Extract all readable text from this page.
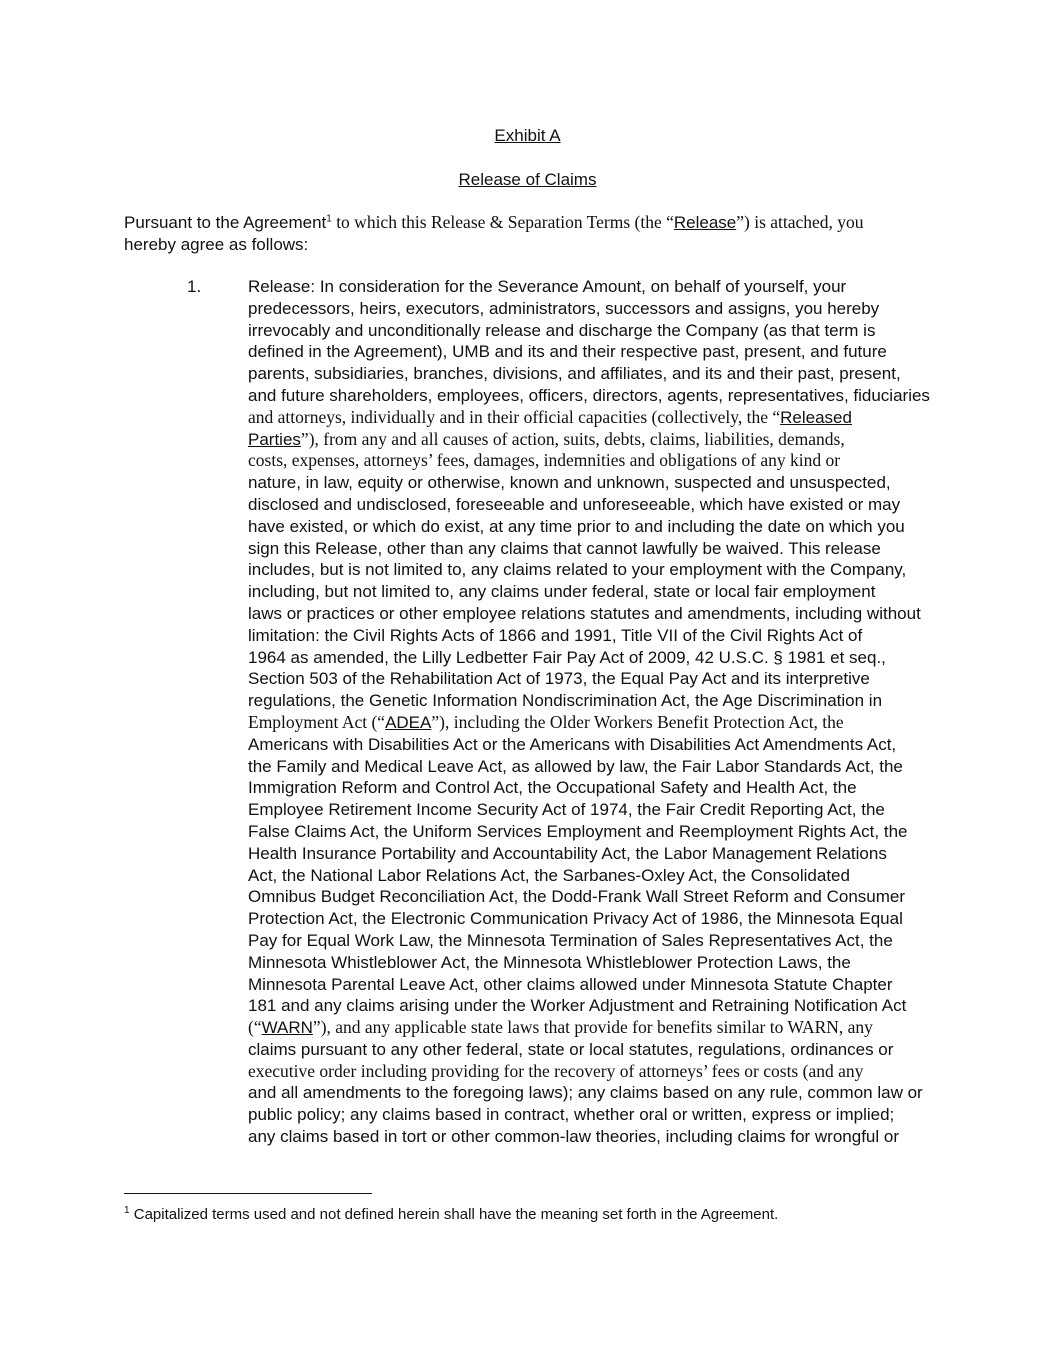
Exhibit A
Release of Claims
Pursuant to the Agreement$^1$ to which this Release & Separation Terms (the “Release”) is attached, you
hereby agree as follows:
1.	Release: In consideration for the Severance Amount, on behalf of yourself, your
predecessors, heirs, executors, administrators, successors and assigns, you hereby
irrevocably and unconditionally release and discharge the Company (as that term is
defined in the Agreement), UMB and its and their respective past, present, and future
parents, subsidiaries, branches, divisions, and affiliates, and its and their past, present,
and future shareholders, employees, officers, directors, agents, representatives, fiduciaries
and attorneys, individually and in their official capacities (collectively, the “Released
Parties”), from any and all causes of action, suits, debts, claims, liabilities, demands,
costs, expenses, attorneys’ fees, damages, indemnities and obligations of any kind or
nature, in law, equity or otherwise, known and unknown, suspected and unsuspected,
disclosed and undisclosed, foreseeable and unforeseeable, which have existed or may
have existed, or which do exist, at any time prior to and including the date on which you
sign this Release, other than any claims that cannot lawfully be waived. This release
includes, but is not limited to, any claims related to your employment with the Company,
including, but not limited to, any claims under federal, state or local fair employment
laws or practices or other employee relations statutes and amendments, including without
limitation: the Civil Rights Acts of 1866 and 1991, Title VII of the Civil Rights Act of
1964 as amended, the Lilly Ledbetter Fair Pay Act of 2009, 42 U.S.C. § 1981 et seq.,
Section 503 of the Rehabilitation Act of 1973, the Equal Pay Act and its interpretive
regulations, the Genetic Information Nondiscrimination Act, the Age Discrimination in
Employment Act (“ADEA”), including the Older Workers Benefit Protection Act, the
Americans with Disabilities Act or the Americans with Disabilities Act Amendments Act,
the Family and Medical Leave Act, as allowed by law, the Fair Labor Standards Act, the
Immigration Reform and Control Act, the Occupational Safety and Health Act, the
Employee Retirement Income Security Act of 1974, the Fair Credit Reporting Act, the
False Claims Act, the Uniform Services Employment and Reemployment Rights Act, the
Health Insurance Portability and Accountability Act, the Labor Management Relations
Act, the National Labor Relations Act, the Sarbanes-Oxley Act, the Consolidated
Omnibus Budget Reconciliation Act, the Dodd-Frank Wall Street Reform and Consumer
Protection Act, the Electronic Communication Privacy Act of 1986, the Minnesota Equal
Pay for Equal Work Law, the Minnesota Termination of Sales Representatives Act, the
Minnesota Whistleblower Act, the Minnesota Whistleblower Protection Laws, the
Minnesota Parental Leave Act, other claims allowed under Minnesota Statute Chapter
181 and any claims arising under the Worker Adjustment and Retraining Notification Act
(“WARN”), and any applicable state laws that provide for benefits similar to WARN, any
claims pursuant to any other federal, state or local statutes, regulations, ordinances or
executive order including providing for the recovery of attorneys’ fees or costs (and any
and all amendments to the foregoing laws); any claims based on any rule, common law or
public policy; any claims based in contract, whether oral or written, express or implied;
any claims based in tort or other common-law theories, including claims for wrongful or
$^1$ Capitalized terms used and not defined herein shall have the meaning set forth in the Agreement.
